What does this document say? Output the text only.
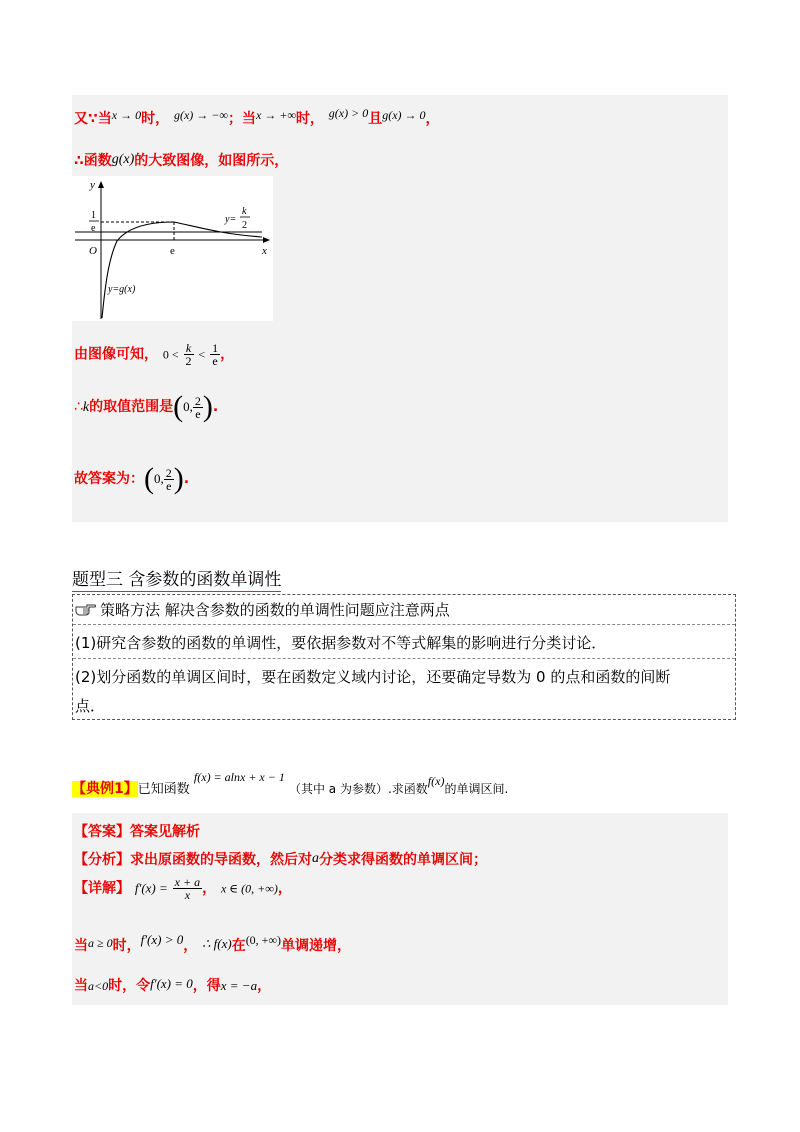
又∵当x → 0时， g(x) → −∞；当x → +∞时， g(x) > 0且g(x) → 0，
∴函数g(x)的大致图像，如图所示，
y
x
O
1
e
e
y=
k
2
y=g(x)
由图像可知， $0 < \frac{k}{2} < \frac{1}{e}$ ，
∴k的取值范围是(0, $\frac{2}{e}$ ).
故答案为：(0, $\frac{2}{e}$ ).
题型三 含参数的函数单调性
策略方法 解决含参数的函数的单调性问题应注意两点
(1)研究含参数的函数的单调性，要依据参数对不等式解集的影响进行分类讨论．
(2)划分函数的单调区间时，要在函数定义域内讨论，还要确定导数为 0 的点和函数的间断
点．
【典例1】已知函数 f(x) = alnx + x − 1 （其中 a 为参数）.求函数f(x)的单调区间.
【答案】答案见解析
【分析】求出原函数的导函数，然后对a分类求得函数的单调区间；
【详解】 $f'(x) = \frac{x + a}{x}$ ， x ∈ (0, +∞)，
当a ≥ 0时，f′(x) > 0， ∴ f(x)在(0, +∞)单调递增，
当a<0时，令f′(x) = 0，得x = −a，
